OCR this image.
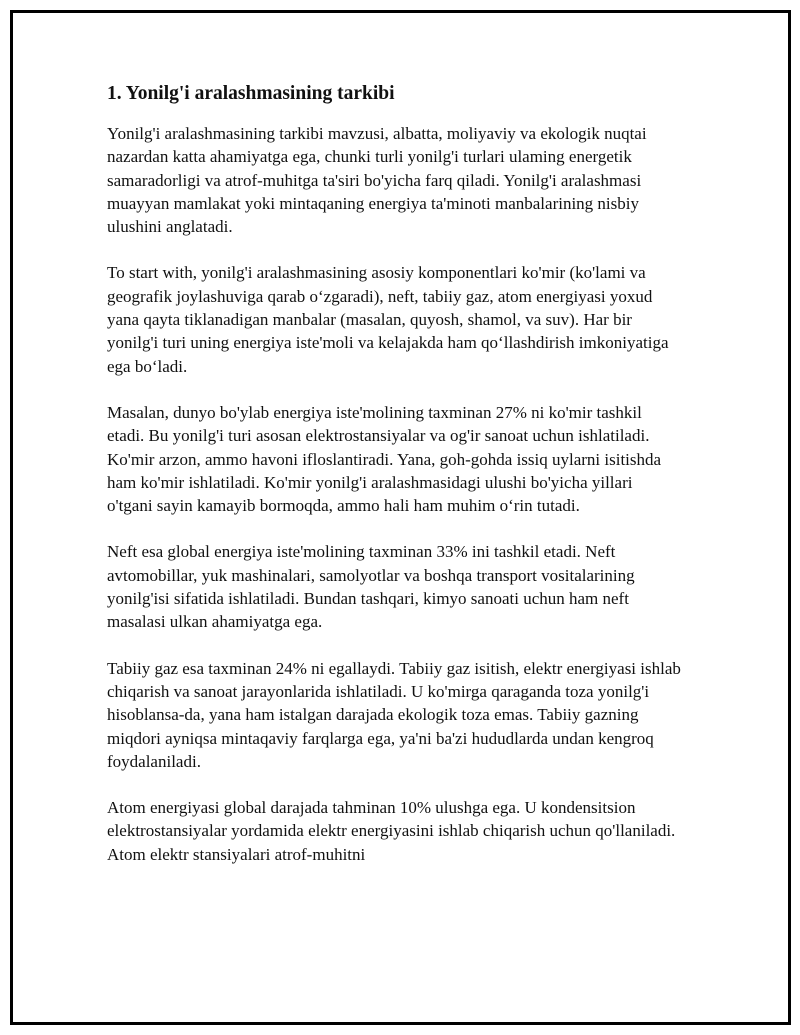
1. Yonilg'i aralashmasining tarkibi

Yonilg'i aralashmasining tarkibi mavzusi, albatta, moliyaviy va ekologik nuqtai nazardan katta ahamiyatga ega, chunki turli yonilg'i turlari ulaming energetik samaradorligi va atrof-muhitga ta'siri bo'yicha farq qiladi. Yonilg'i aralashmasi muayyan mamlakat yoki mintaqaning energiya ta'minoti manbalarining nisbiy ulushini anglatadi.

To start with, yonilg'i aralashmasining asosiy komponentlari ko'mir (ko'lami va geografik joylashuviga qarab o‘zgaradi), neft, tabiiy gaz, atom energiyasi yoxud yana qayta tiklanadigan manbalar (masalan, quyosh, shamol, va suv). Har bir yonilg'i turi uning energiya iste'moli va kelajakda ham qo‘llashdirish imkoniyatiga ega bo‘ladi.

Masalan, dunyo bo'ylab energiya iste'molining taxminan 27% ni ko'mir tashkil etadi. Bu yonilg'i turi asosan elektrostansiyalar va og'ir sanoat uchun ishlatiladi. Ko'mir arzon, ammo havoni ifloslantiradi. Yana, goh-gohda issiq uylarni isitishda ham ko'mir ishlatiladi. Ko'mir yonilg'i aralashmasidagi ulushi bo'yicha yillari o'tgani sayin kamayib bormoqda, ammo hali ham muhim o‘rin tutadi.

Neft esa global energiya iste'molining taxminan 33% ini tashkil etadi. Neft avtomobillar, yuk mashinalari, samolyotlar va boshqa transport vositalarining yonilg'isi sifatida ishlatiladi. Bundan tashqari, kimyo sanoati uchun ham neft masalasi ulkan ahamiyatga ega.

Tabiiy gaz esa taxminan 24% ni egallaydi. Tabiiy gaz isitish, elektr energiyasi ishlab chiqarish va sanoat jarayonlarida ishlatiladi. U ko'mirga qaraganda toza yonilg'i hisoblansa-da, yana ham istalgan darajada ekologik toza emas. Tabiiy gazning miqdori ayniqsa mintaqaviy farqlarga ega, ya'ni ba'zi hududlarda undan kengroq foydalaniladi.

Atom energiyasi global darajada tahminan 10% ulushga ega. U kondensitsion elektrostansiyalar yordamida elektr energiyasini ishlab chiqarish uchun qo'llaniladi. Atom elektr stansiyalari atrof-muhitni
